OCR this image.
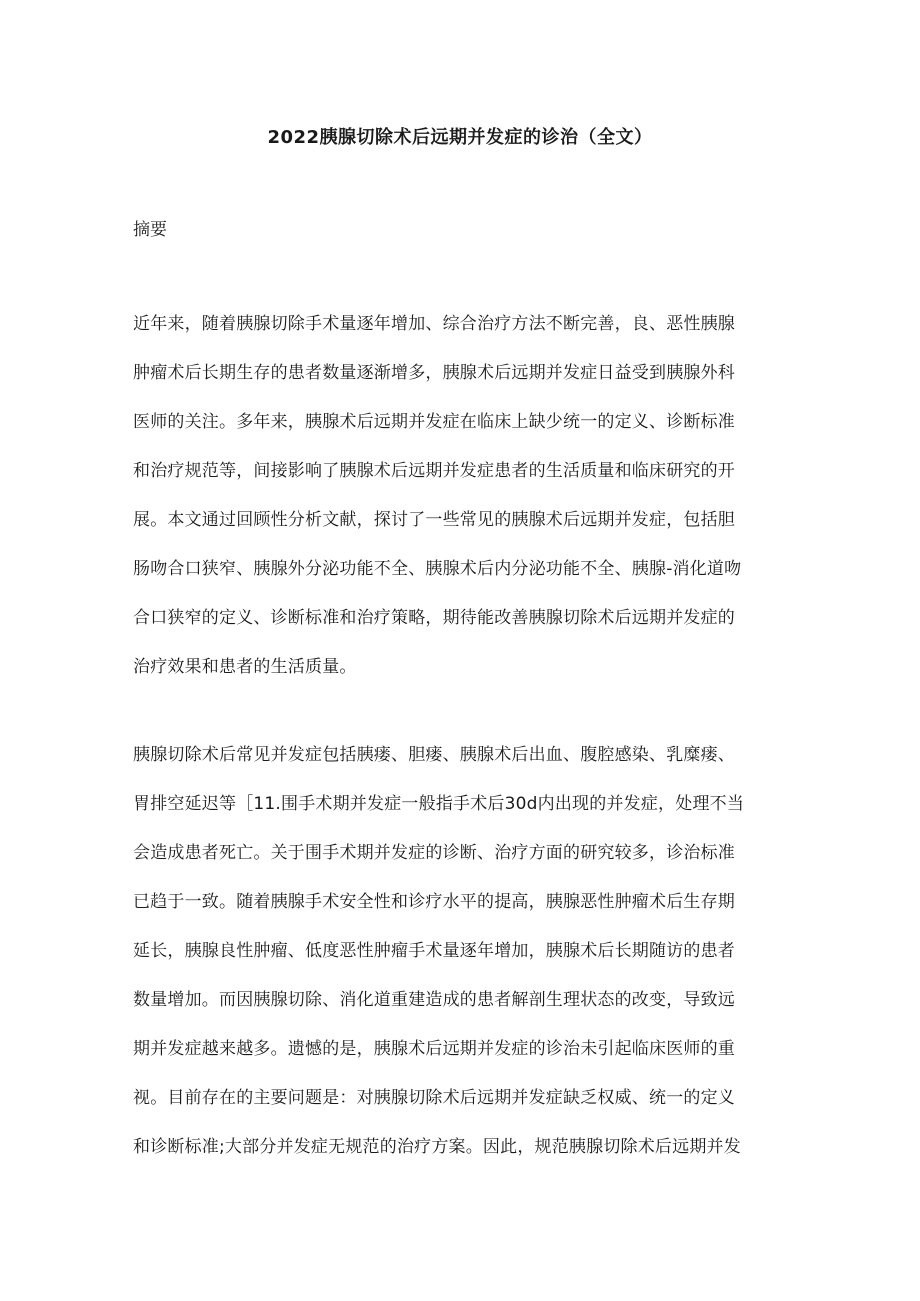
2022胰腺切除术后远期并发症的诊治（全文）
摘要
近年来，随着胰腺切除手术量逐年增加、综合治疗方法不断完善，良、恶性胰腺
肿瘤术后长期生存的患者数量逐渐增多，胰腺术后远期并发症日益受到胰腺外科
医师的关注。多年来，胰腺术后远期并发症在临床上缺少统一的定义、诊断标准
和治疗规范等，间接影响了胰腺术后远期并发症患者的生活质量和临床研究的开
展。本文通过回顾性分析文献，探讨了一些常见的胰腺术后远期并发症，包括胆
肠吻合口狭窄、胰腺外分泌功能不全、胰腺术后内分泌功能不全、胰腺-消化道吻
合口狭窄的定义、诊断标准和治疗策略，期待能改善胰腺切除术后远期并发症的
治疗效果和患者的生活质量。
胰腺切除术后常见并发症包括胰瘘、胆瘘、胰腺术后出血、腹腔感染、乳糜瘘、
胃排空延迟等［11.围手术期并发症一般指手术后30d内出现的并发症，处理不当
会造成患者死亡。关于围手术期并发症的诊断、治疗方面的研究较多，诊治标准
已趋于一致。随着胰腺手术安全性和诊疗水平的提高，胰腺恶性肿瘤术后生存期
延长，胰腺良性肿瘤、低度恶性肿瘤手术量逐年增加，胰腺术后长期随访的患者
数量增加。而因胰腺切除、消化道重建造成的患者解剖生理状态的改变，导致远
期并发症越来越多。遗憾的是，胰腺术后远期并发症的诊治未引起临床医师的重
视。目前存在的主要问题是：对胰腺切除术后远期并发症缺乏权威、统一的定义
和诊断标准;大部分并发症无规范的治疗方案。因此，规范胰腺切除术后远期并发
